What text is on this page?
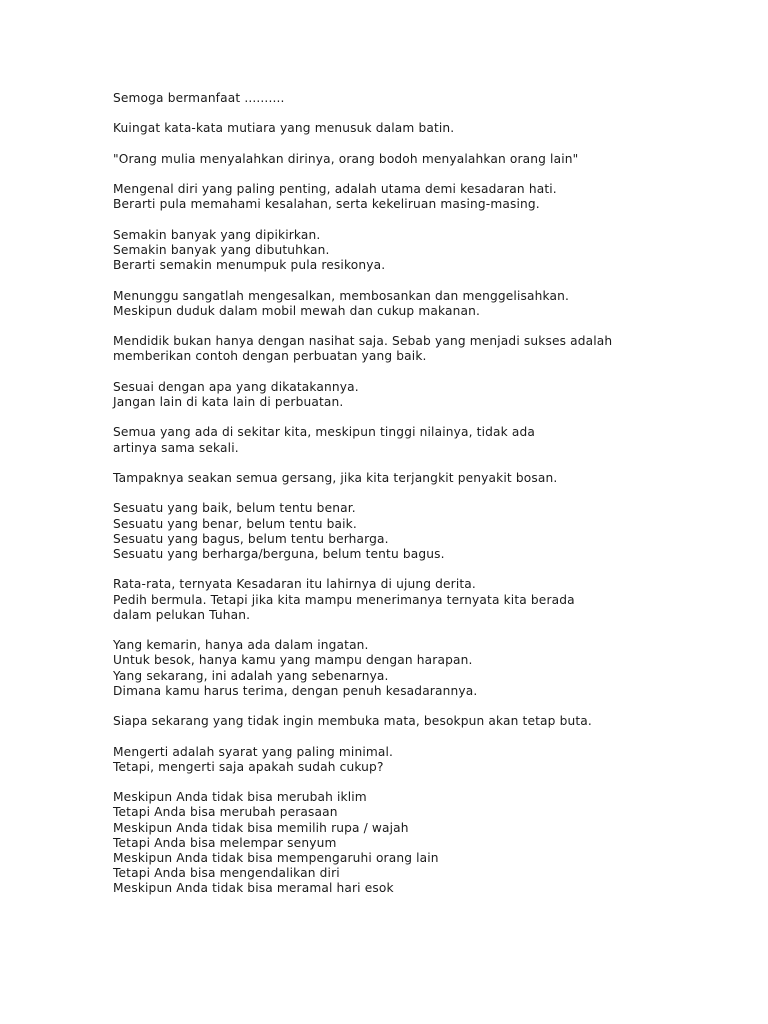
Semoga bermanfaat ..........
Kuingat kata-kata mutiara yang menusuk dalam batin.
"Orang mulia menyalahkan dirinya, orang bodoh menyalahkan orang lain"
Mengenal diri yang paling penting, adalah utama demi kesadaran hati.
Berarti pula memahami kesalahan, serta kekeliruan masing-masing.
Semakin banyak yang dipikirkan.
Semakin banyak yang dibutuhkan.
Berarti semakin menumpuk pula resikonya.
Menunggu sangatlah mengesalkan, membosankan dan menggelisahkan.
Meskipun duduk dalam mobil mewah dan cukup makanan.
Mendidik bukan hanya dengan nasihat saja. Sebab yang menjadi sukses adalah
memberikan contoh dengan perbuatan yang baik.
Sesuai dengan apa yang dikatakannya.
Jangan lain di kata lain di perbuatan.
Semua yang ada di sekitar kita, meskipun tinggi nilainya, tidak ada
artinya sama sekali.
Tampaknya seakan semua gersang, jika kita terjangkit penyakit bosan.
Sesuatu yang baik, belum tentu benar.
Sesuatu yang benar, belum tentu baik.
Sesuatu yang bagus, belum tentu berharga.
Sesuatu yang berharga/berguna, belum tentu bagus.
Rata-rata, ternyata Kesadaran itu lahirnya di ujung derita.
Pedih bermula. Tetapi jika kita mampu menerimanya ternyata kita berada
dalam pelukan Tuhan.
Yang kemarin, hanya ada dalam ingatan.
Untuk besok, hanya kamu yang mampu dengan harapan.
Yang sekarang, ini adalah yang sebenarnya.
Dimana kamu harus terima, dengan penuh kesadarannya.
Siapa sekarang yang tidak ingin membuka mata, besokpun akan tetap buta.
Mengerti adalah syarat yang paling minimal.
Tetapi, mengerti saja apakah sudah cukup?
Meskipun Anda tidak bisa merubah iklim
Tetapi Anda bisa merubah perasaan
Meskipun Anda tidak bisa memilih rupa / wajah
Tetapi Anda bisa melempar senyum
Meskipun Anda tidak bisa mempengaruhi orang lain
Tetapi Anda bisa mengendalikan diri
Meskipun Anda tidak bisa meramal hari esok
